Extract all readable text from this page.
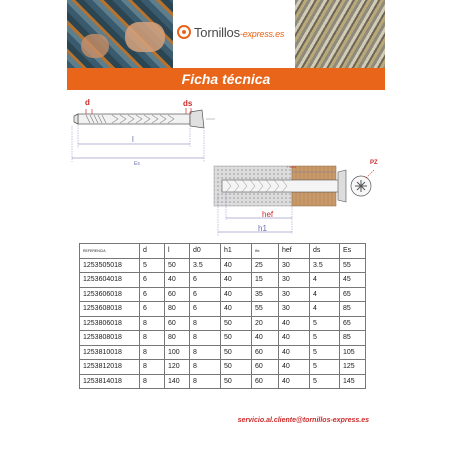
Tornillos-express.es
Ficha técnica
d	ds
l
Es	PZ
T fixture
hef
h1
REFERENCIA	d	l	d0	h1	tfix	hef	ds	Es
1253505018	5	50	3.5	40	25	30	3.5	55
1253604018	6	40	6	40	15	30	4	45
1253606018	6	60	6	40	35	30	4	65
1253608018	6	80	6	40	55	30	4	85
1253806018	8	60	8	50	20	40	5	65
1253808018	8	80	8	50	40	40	5	85
1253810018	8	100	8	50	60	40	5	105
1253812018	8	120	8	50	60	40	5	125
1253814018	8	140	8	50	60	40	5	145
servicio.al.cliente@tornillos-express.es
